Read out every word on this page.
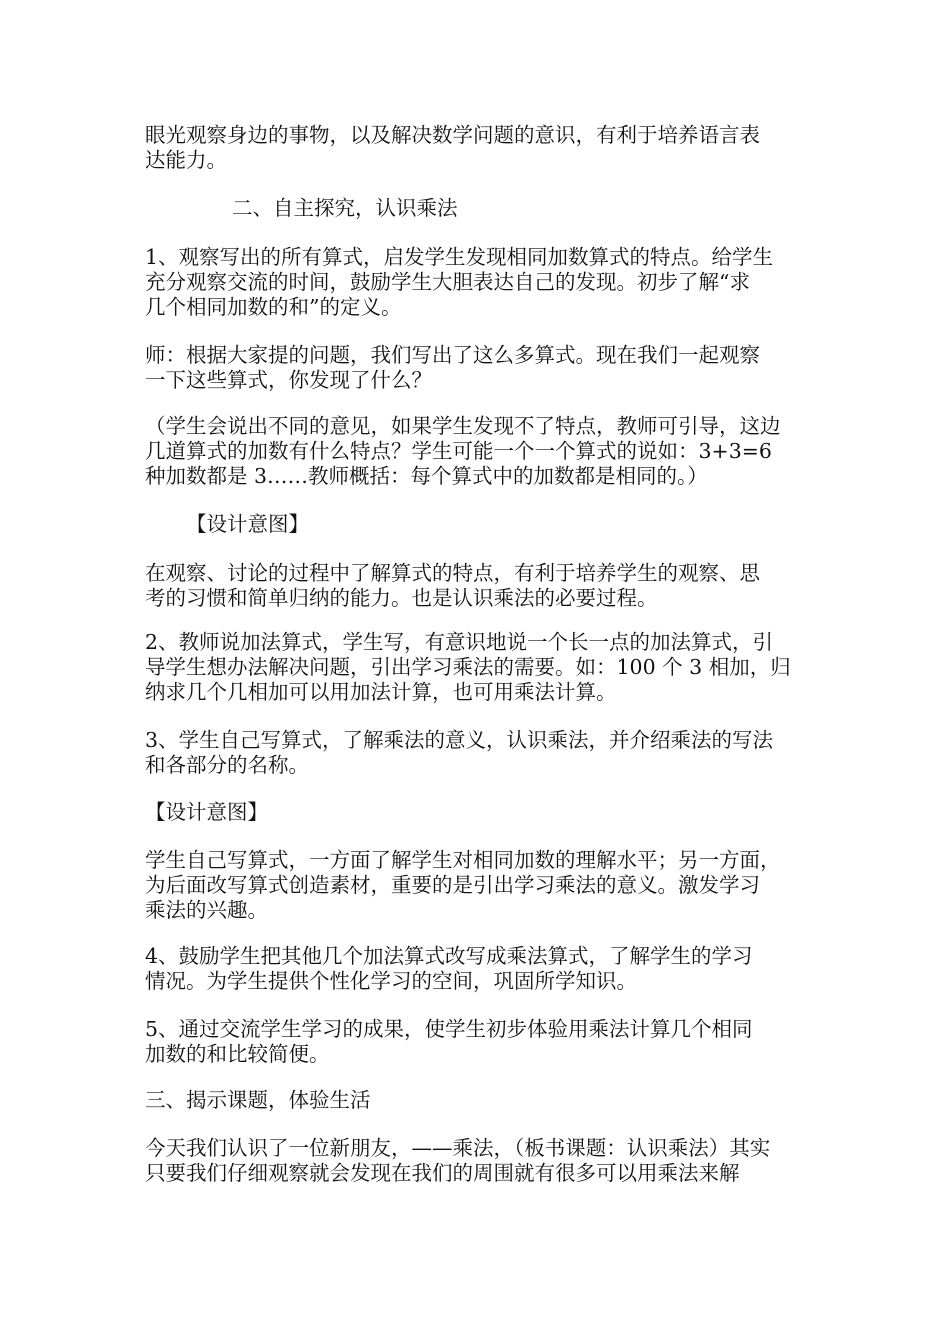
眼光观察身边的事物，以及解决数学问题的意识，有利于培养语言表
达能力。
二、自主探究，认识乘法
1、观察写出的所有算式，启发学生发现相同加数算式的特点。给学生
充分观察交流的时间，鼓励学生大胆表达自己的发现。初步了解“求
几个相同加数的和”的定义。
师：根据大家提的问题，我们写出了这么多算式。现在我们一起观察
一下这些算式，你发现了什么？
（学生会说出不同的意见，如果学生发现不了特点，教师可引导，这边
几道算式的加数有什么特点？学生可能一个一个算式的说如：3+3=6
种加数都是 3……教师概括：每个算式中的加数都是相同的。）
【设计意图】
在观察、讨论的过程中了解算式的特点，有利于培养学生的观察、思
考的习惯和简单归纳的能力。也是认识乘法的必要过程。
2、教师说加法算式，学生写，有意识地说一个长一点的加法算式，引
导学生想办法解决问题，引出学习乘法的需要。如：100 个 3 相加，归
纳求几个几相加可以用加法计算，也可用乘法计算。
3、学生自己写算式，了解乘法的意义，认识乘法，并介绍乘法的写法
和各部分的名称。
【设计意图】
学生自己写算式，一方面了解学生对相同加数的理解水平；另一方面，
为后面改写算式创造素材，重要的是引出学习乘法的意义。激发学习
乘法的兴趣。
4、鼓励学生把其他几个加法算式改写成乘法算式，了解学生的学习
情况。为学生提供个性化学习的空间，巩固所学知识。
5、通过交流学生学习的成果，使学生初步体验用乘法计算几个相同
加数的和比较简便。
三、揭示课题，体验生活
今天我们认识了一位新朋友，——乘法，（板书课题：认识乘法）其实
只要我们仔细观察就会发现在我们的周围就有很多可以用乘法来解
